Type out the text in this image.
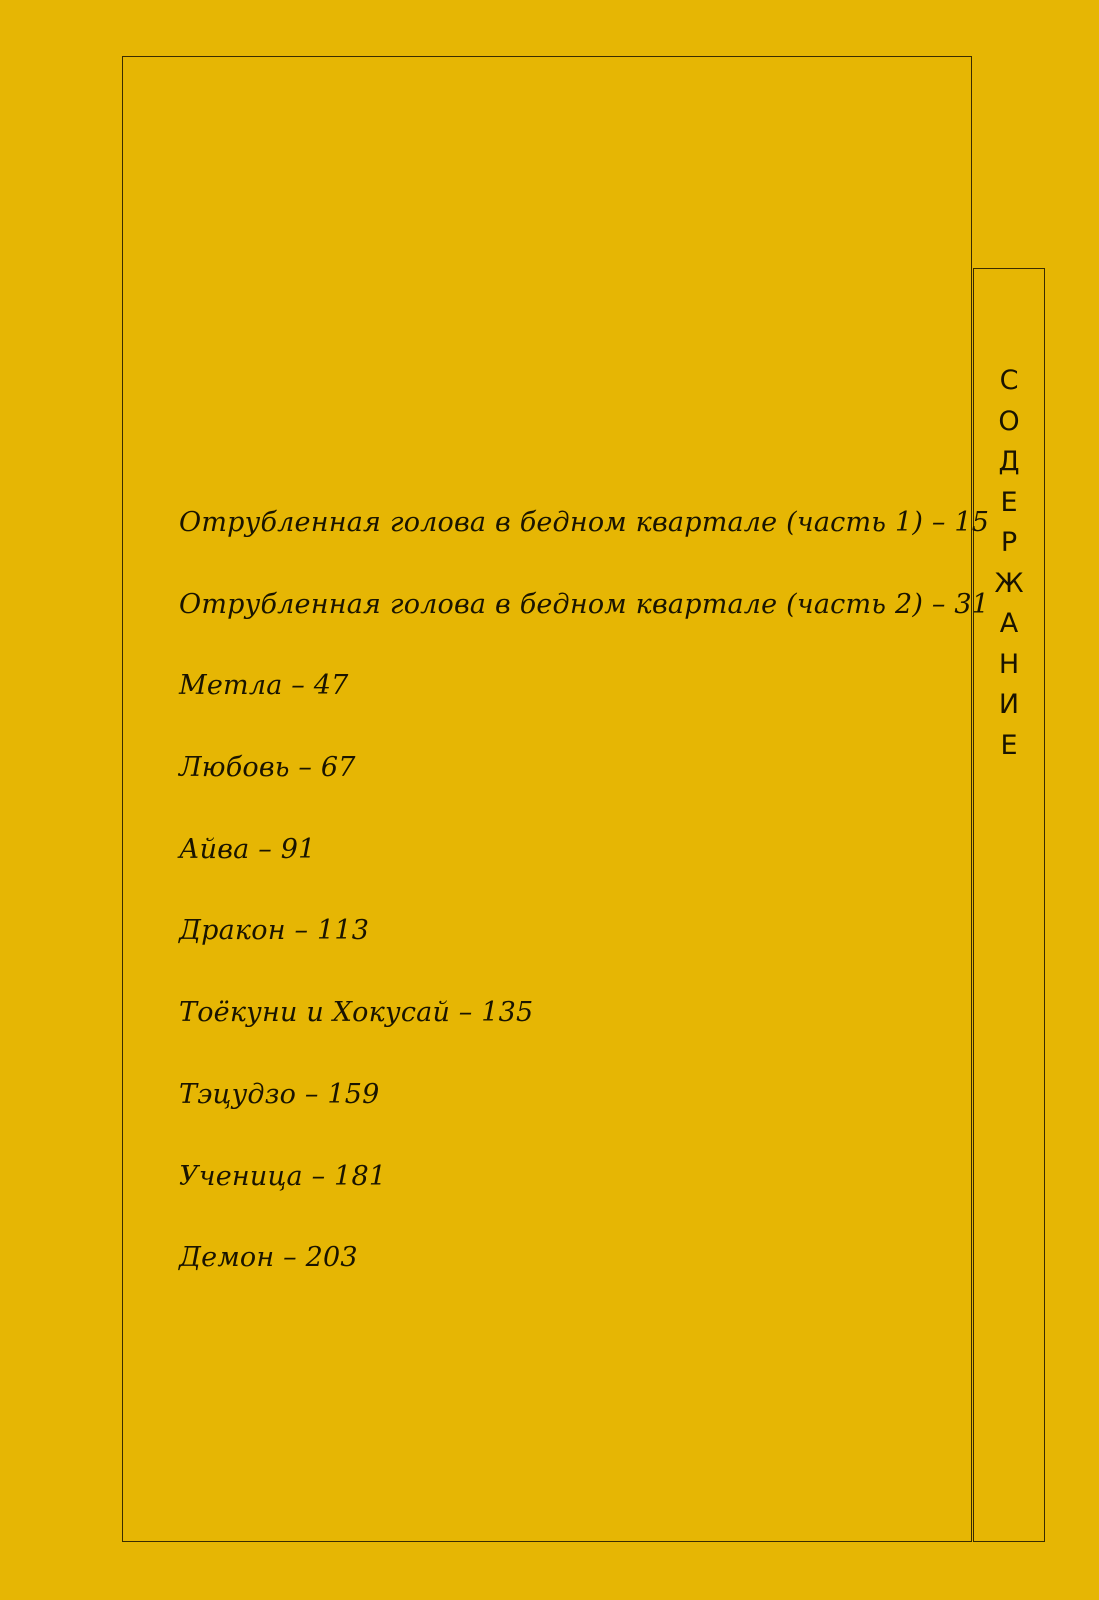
С
О
Д
Е
Р
Ж
А
Н
И
Е
Отрубленная голова в бедном квартале (часть 1) – 15
Отрубленная голова в бедном квартале (часть 2) – 31
Метла – 47
Любовь – 67
Айва – 91
Дракон – 113
Тоёкуни и Хокусай – 135
Тэцудзо – 159
Ученица – 181
Демон – 203
